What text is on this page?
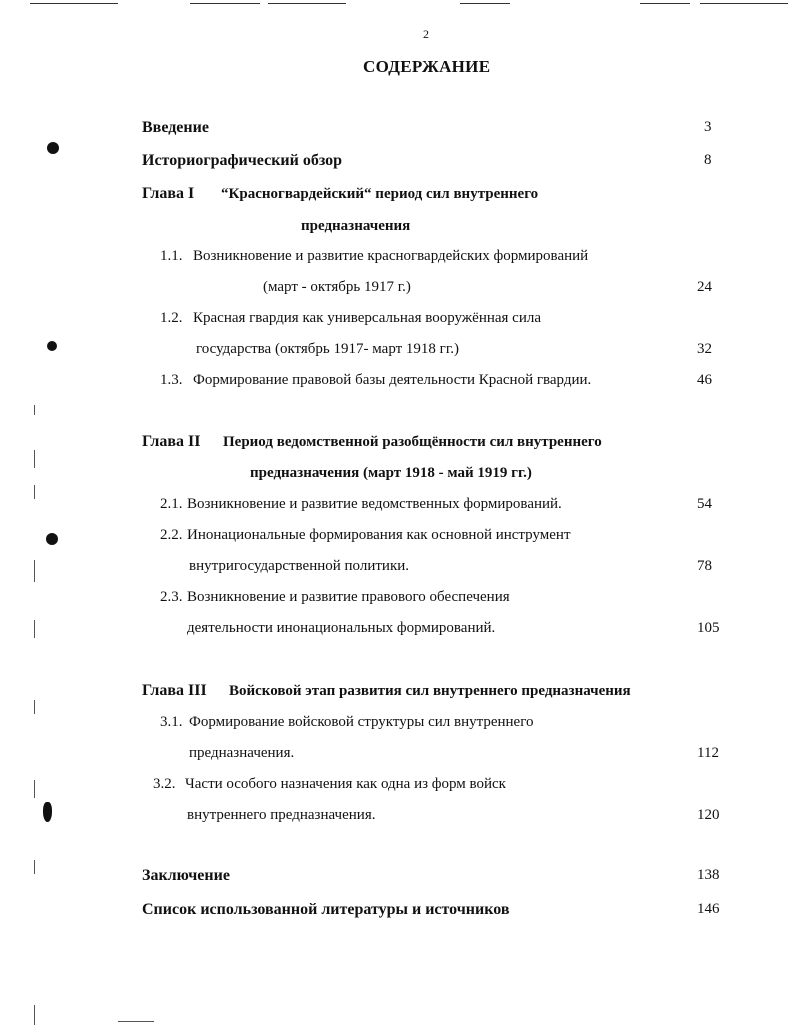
2
СОДЕРЖАНИЕ
Введение	3
Историографический обзор	8
Глава I “Красногвардейский“ период сил внутреннего
предназначения
1.1. Возникновение и развитие красногвардейских формирований
(март - октябрь 1917 г.)	24
1.2. Красная гвардия как универсальная вооружённая сила
государства (октябрь 1917- март 1918 гг.)	32
1.3. Формирование правовой базы деятельности Красной гвардии.	46
Глава II Период ведомственной разобщённости сил внутреннего
предназначения (март 1918 - май 1919 гг.)
2.1. Возникновение и развитие ведомственных формирований.	54
2.2. Инонациональные формирования как основной инструмент
внутригосударственной политики.	78
2.3. Возникновение и развитие правового обеспечения
деятельности инонациональных формирований.	105
Глава III Войсковой этап развития сил внутреннего предназначения
3.1. Формирование войсковой структуры сил внутреннего
предназначения.	112
3.2. Части особого назначения как одна из форм войск
внутреннего предназначения.	120
Заключение	138
Список использованной литературы и источников	146
